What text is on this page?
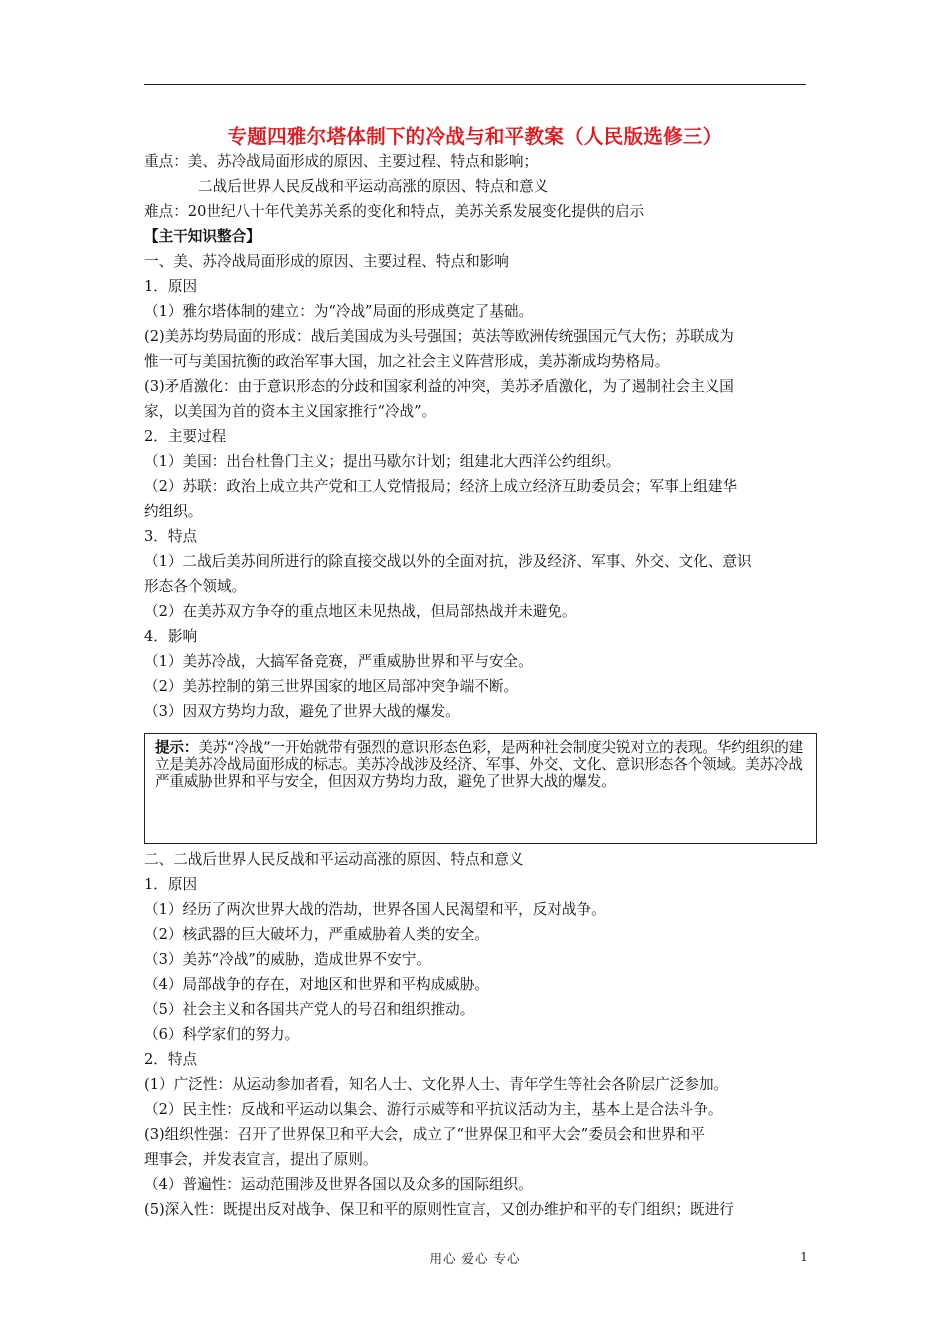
专题四雅尔塔体制下的冷战与和平教案（人民版选修三）
重点：美、苏冷战局面形成的原因、主要过程、特点和影响；
二战后世界人民反战和平运动高涨的原因、特点和意义
难点：20世纪八十年代美苏关系的变化和特点，美苏关系发展变化提供的启示
【主干知识整合】
一、美、苏冷战局面形成的原因、主要过程、特点和影响
1．原因
（1）雅尔塔体制的建立：为“冷战”局面的形成奠定了基础。
(2)美苏均势局面的形成：战后美国成为头号强国；英法等欧洲传统强国元气大伤；苏联成为
惟一可与美国抗衡的政治军事大国，加之社会主义阵营形成，美苏渐成均势格局。
(3)矛盾激化：由于意识形态的分歧和国家利益的冲突，美苏矛盾激化，为了遏制社会主义国
家，以美国为首的资本主义国家推行“冷战”。
2．主要过程
（1）美国：出台杜鲁门主义；提出马歇尔计划；组建北大西洋公约组织。
（2）苏联：政治上成立共产党和工人党情报局；经济上成立经济互助委员会；军事上组建华
约组织。
3．特点
（1）二战后美苏间所进行的除直接交战以外的全面对抗，涉及经济、军事、外交、文化、意识
形态各个领域。
（2）在美苏双方争夺的重点地区未见热战，但局部热战并未避免。
4．影响
（1）美苏冷战，大搞军备竞赛，严重威胁世界和平与安全。
（2）美苏控制的第三世界国家的地区局部冲突争端不断。
（3）因双方势均力敌，避免了世界大战的爆发。
提示：美苏“冷战”一开始就带有强烈的意识形态色彩，是两种社会制度尖锐对立的表现。华约组织的建立是美苏冷战局面形成的标志。美苏冷战涉及经济、军事、外交、文化、意识形态各个领域。美苏冷战严重威胁世界和平与安全，但因双方势均力敌，避免了世界大战的爆发。
二、二战后世界人民反战和平运动高涨的原因、特点和意义
1．原因
（1）经历了两次世界大战的浩劫，世界各国人民渴望和平，反对战争。
（2）核武器的巨大破坏力，严重威胁着人类的安全。
（3）美苏“冷战”的威胁，造成世界不安宁。
（4）局部战争的存在，对地区和世界和平构成威胁。
（5）社会主义和各国共产党人的号召和组织推动。
（6）科学家们的努力。
2．特点
(1）广泛性：从运动参加者看，知名人士、文化界人士、青年学生等社会各阶层广泛参加。
（2）民主性：反战和平运动以集会、游行示威等和平抗议活动为主，基本上是合法斗争。
(3)组织性强：召开了世界保卫和平大会，成立了“世界保卫和平大会”委员会和世界和平
理事会，并发表宣言，提出了原则。
（4）普遍性：运动范围涉及世界各国以及众多的国际组织。
(5)深入性：既提出反对战争、保卫和平的原则性宣言，又创办维护和平的专门组织；既进行
用心 爱心 专心	1
